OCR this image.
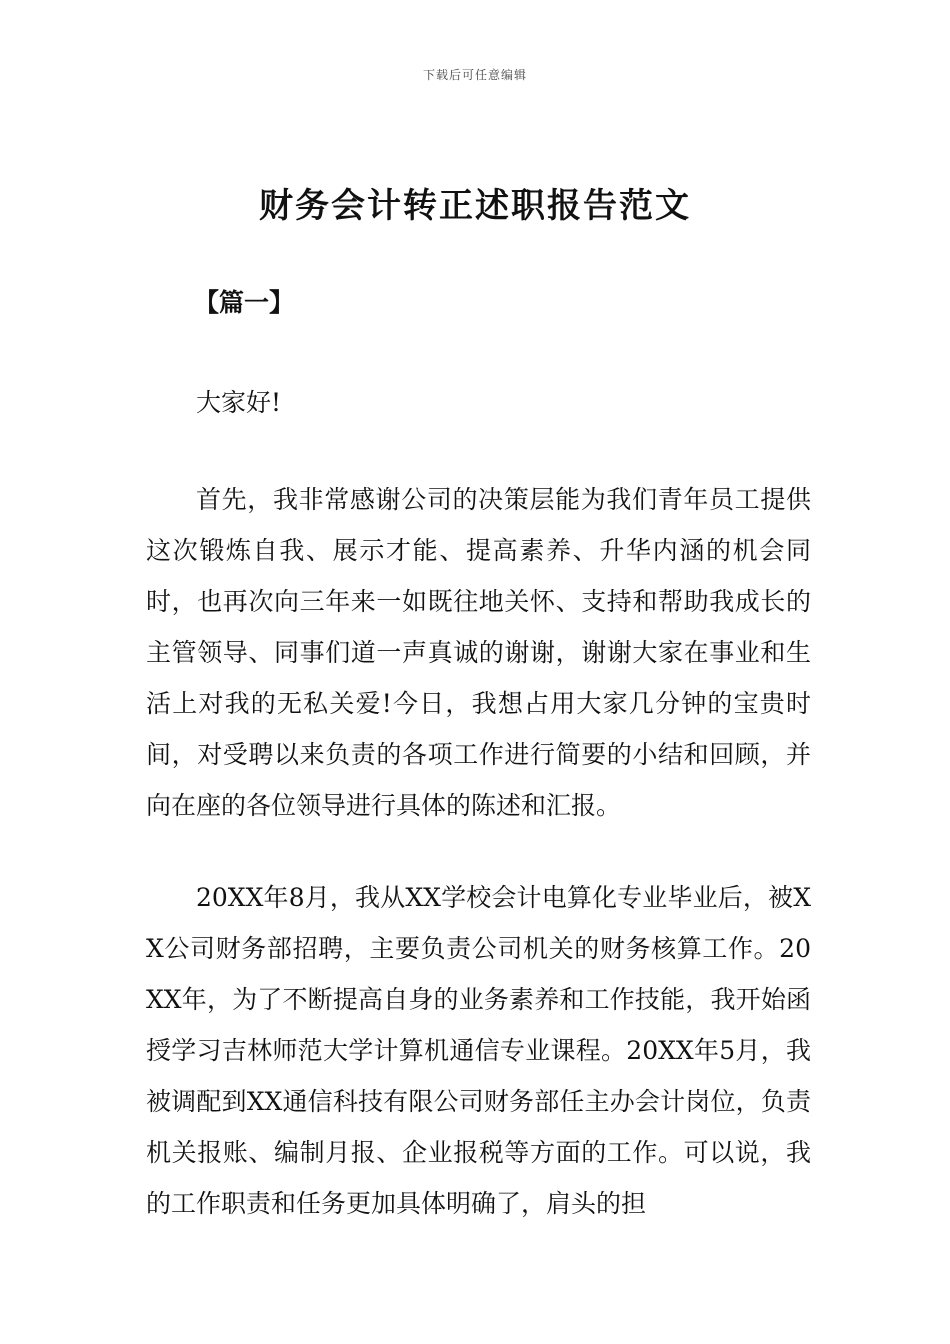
下载后可任意编辑
财务会计转正述职报告范文
【篇一】
大家好!
首先，我非常感谢公司的决策层能为我们青年员工提供这次锻炼自我、展示才能、提高素养、升华内涵的机会同时，也再次向三年来一如既往地关怀、支持和帮助我成长的主管领导、同事们道一声真诚的谢谢，谢谢大家在事业和生活上对我的无私关爱!今日，我想占用大家几分钟的宝贵时间，对受聘以来负责的各项工作进行简要的小结和回顾，并向在座的各位领导进行具体的陈述和汇报。
20XX年8月，我从XX学校会计电算化专业毕业后，被XX公司财务部招聘，主要负责公司机关的财务核算工作。20XX年，为了不断提高自身的业务素养和工作技能，我开始函授学习吉林师范大学计算机通信专业课程。20XX年5月，我被调配到XX通信科技有限公司财务部任主办会计岗位，负责机关报账、编制月报、企业报税等方面的工作。可以说，我的工作职责和任务更加具体明确了，肩头的担
